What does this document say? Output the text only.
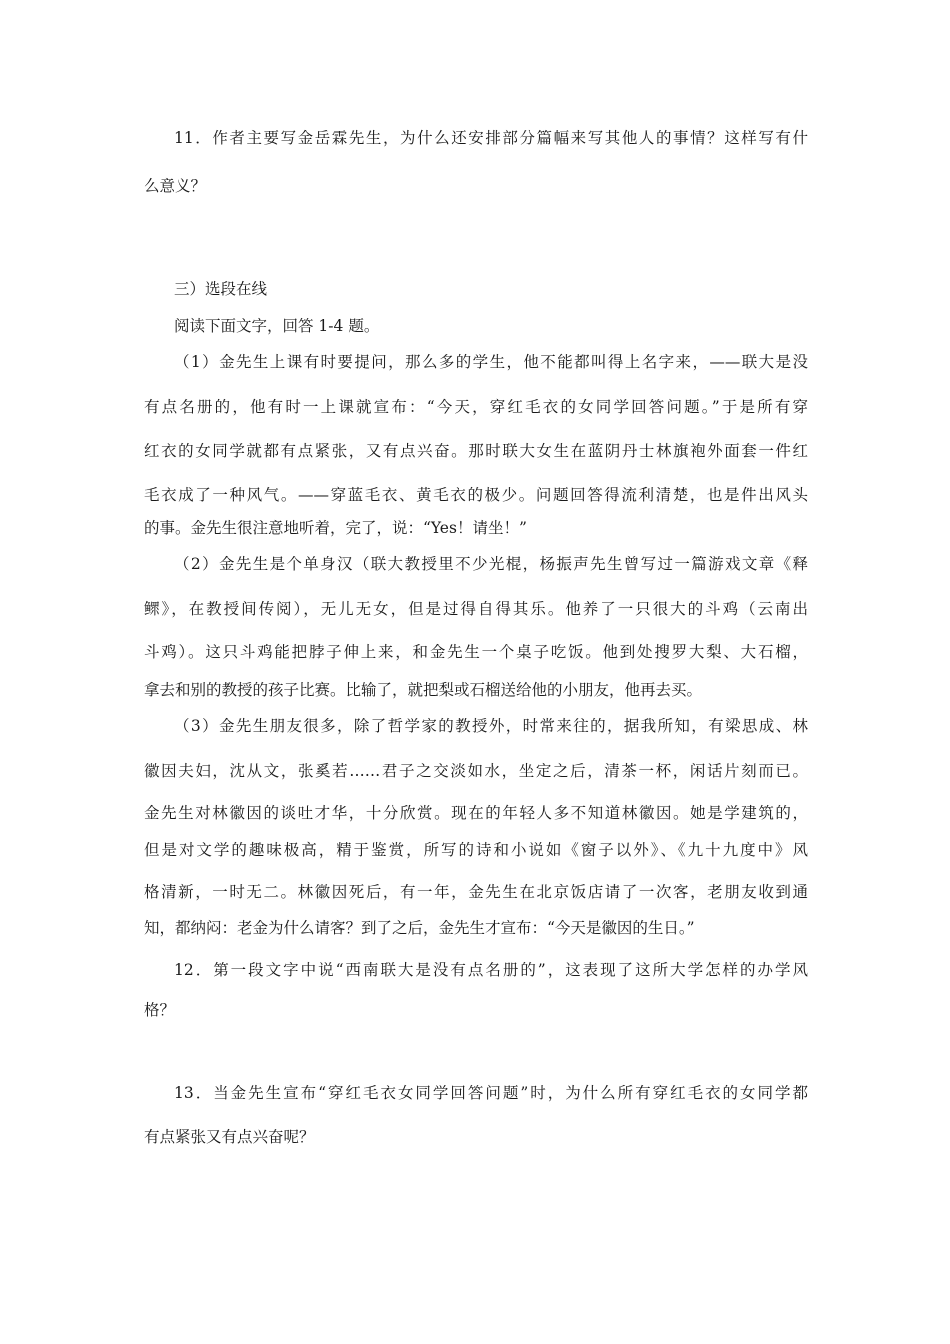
11．作者主要写金岳霖先生，为什么还安排部分篇幅来写其他人的事情？这样写有什
么意义？
三）选段在线
阅读下面文字，回答 1-4 题。
（1）金先生上课有时要提问，那么多的学生，他不能都叫得上名字来，——联大是没
有点名册的，他有时一上课就宣布：“今天，穿红毛衣的女同学回答问题。”于是所有穿
红衣的女同学就都有点紧张，又有点兴奋。那时联大女生在蓝阴丹士林旗袍外面套一件红
毛衣成了一种风气。——穿蓝毛衣、黄毛衣的极少。问题回答得流利清楚，也是件出风头
的事。金先生很注意地听着，完了，说：“Yes！请坐！”
（2）金先生是个单身汉（联大教授里不少光棍，杨振声先生曾写过一篇游戏文章《释
鳏》，在教授间传阅），无儿无女，但是过得自得其乐。他养了一只很大的斗鸡（云南出
斗鸡）。这只斗鸡能把脖子伸上来，和金先生一个桌子吃饭。他到处搜罗大梨、大石榴，
拿去和别的教授的孩子比赛。比输了，就把梨或石榴送给他的小朋友，他再去买。
（3）金先生朋友很多，除了哲学家的教授外，时常来往的，据我所知，有梁思成、林
徽因夫妇，沈从文，张奚若……君子之交淡如水，坐定之后，清茶一杯，闲话片刻而已。
金先生对林徽因的谈吐才华，十分欣赏。现在的年轻人多不知道林徽因。她是学建筑的，
但是对文学的趣味极高，精于鉴赏，所写的诗和小说如《窗子以外》、《九十九度中》风
格清新，一时无二。林徽因死后，有一年，金先生在北京饭店请了一次客，老朋友收到通
知，都纳闷：老金为什么请客？到了之后，金先生才宣布：“今天是徽因的生日。”
12．第一段文字中说“西南联大是没有点名册的”，这表现了这所大学怎样的办学风
格？
13．当金先生宣布“穿红毛衣女同学回答问题”时，为什么所有穿红毛衣的女同学都
有点紧张又有点兴奋呢？
